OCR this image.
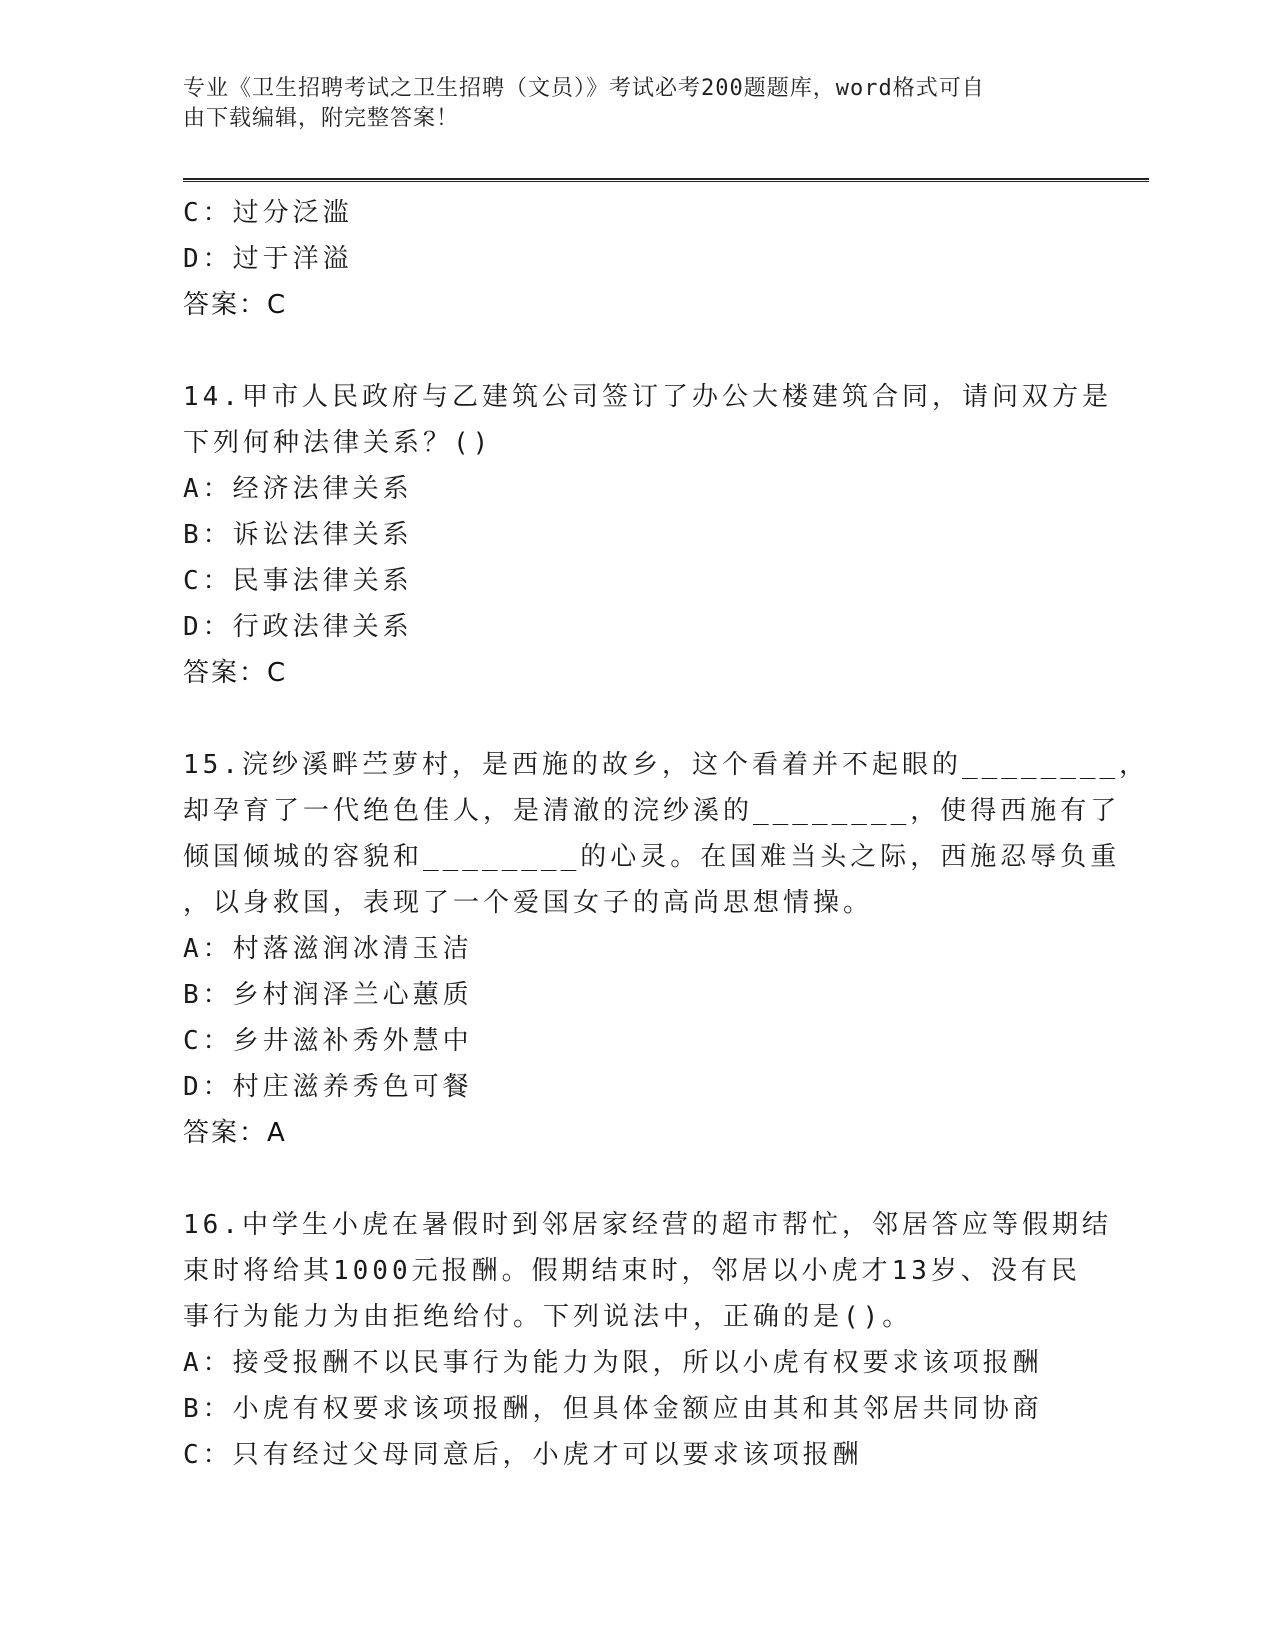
专业《卫生招聘考试之卫生招聘（文员）》考试必考200题题库，word格式可自
由下载编辑，附完整答案！
C：过分泛滥
D：过于洋溢
答案：C
14.甲市人民政府与乙建筑公司签订了办公大楼建筑合同，请问双方是
下列何种法律关系？()
A：经济法律关系
B：诉讼法律关系
C：民事法律关系
D：行政法律关系
答案：C
15.浣纱溪畔苎萝村，是西施的故乡，这个看着并不起眼的________，
却孕育了一代绝色佳人，是清澈的浣纱溪的________，使得西施有了
倾国倾城的容貌和________的心灵。在国难当头之际，西施忍辱负重
，以身救国，表现了一个爱国女子的高尚思想情操。
A：村落滋润冰清玉洁
B：乡村润泽兰心蕙质
C：乡井滋补秀外慧中
D：村庄滋养秀色可餐
答案：A
16.中学生小虎在暑假时到邻居家经营的超市帮忙，邻居答应等假期结
束时将给其1000元报酬。假期结束时，邻居以小虎才13岁、没有民
事行为能力为由拒绝给付。下列说法中，正确的是()。
A：接受报酬不以民事行为能力为限，所以小虎有权要求该项报酬
B：小虎有权要求该项报酬，但具体金额应由其和其邻居共同协商
C：只有经过父母同意后，小虎才可以要求该项报酬
